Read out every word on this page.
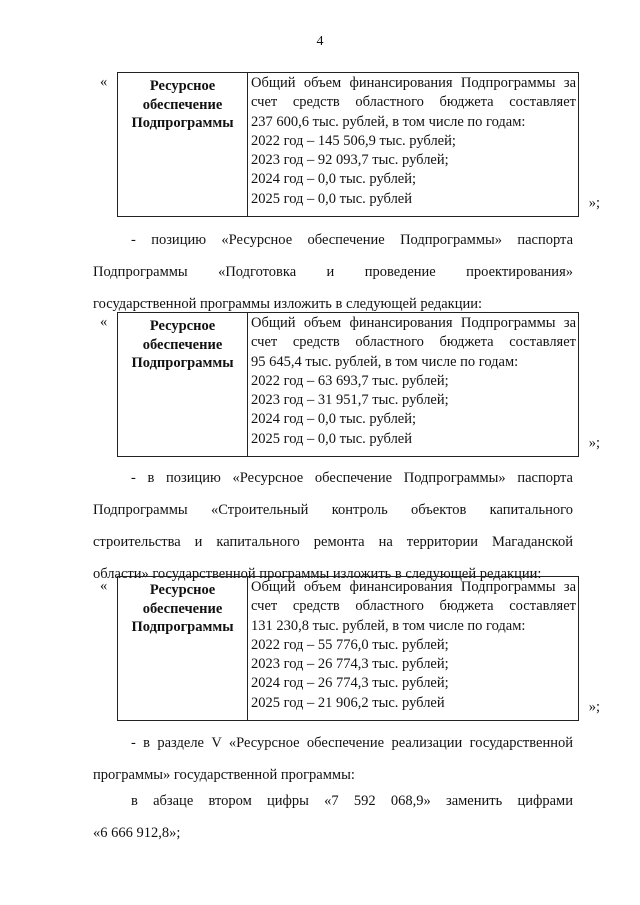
4
«	Ресурсное
обеспечение
Подпрограммы

Общий объем финансирования Подпрограммы за
счет средств областного бюджета составляет
237 600,6 тыс. рублей, в том числе по годам:
2022 год – 145 506,9 тыс. рублей;
2023 год – 92 093,7 тыс. рублей;
2024 год – 0,0 тыс. рублей;
2025 год – 0,0 тыс. рублей	»;
- позицию «Ресурсное обеспечение Подпрограммы» паспорта
Подпрограммы «Подготовка и проведение проектирования»
государственной программы изложить в следующей редакции:
«	Ресурсное
обеспечение
Подпрограммы

Общий объем финансирования Подпрограммы за
счет средств областного бюджета составляет
95 645,4 тыс. рублей, в том числе по годам:
2022 год – 63 693,7 тыс. рублей;
2023 год – 31 951,7 тыс. рублей;
2024 год – 0,0 тыс. рублей;
2025 год – 0,0 тыс. рублей	»;
- в позицию «Ресурсное обеспечение Подпрограммы» паспорта
Подпрограммы «Строительный контроль объектов капитального
строительства и капитального ремонта на территории Магаданской
области» государственной программы изложить в следующей редакции:
«	Ресурсное
обеспечение
Подпрограммы

Общий объем финансирования Подпрограммы за
счет средств областного бюджета составляет
131 230,8 тыс. рублей, в том числе по годам:
2022 год – 55 776,0 тыс. рублей;
2023 год – 26 774,3 тыс. рублей;
2024 год – 26 774,3 тыс. рублей;
2025 год – 21 906,2 тыс. рублей	»;
- в разделе V «Ресурсное обеспечение реализации государственной
программы» государственной программы:
в абзаце втором цифры «7 592 068,9» заменить цифрами
«6 666 912,8»;
